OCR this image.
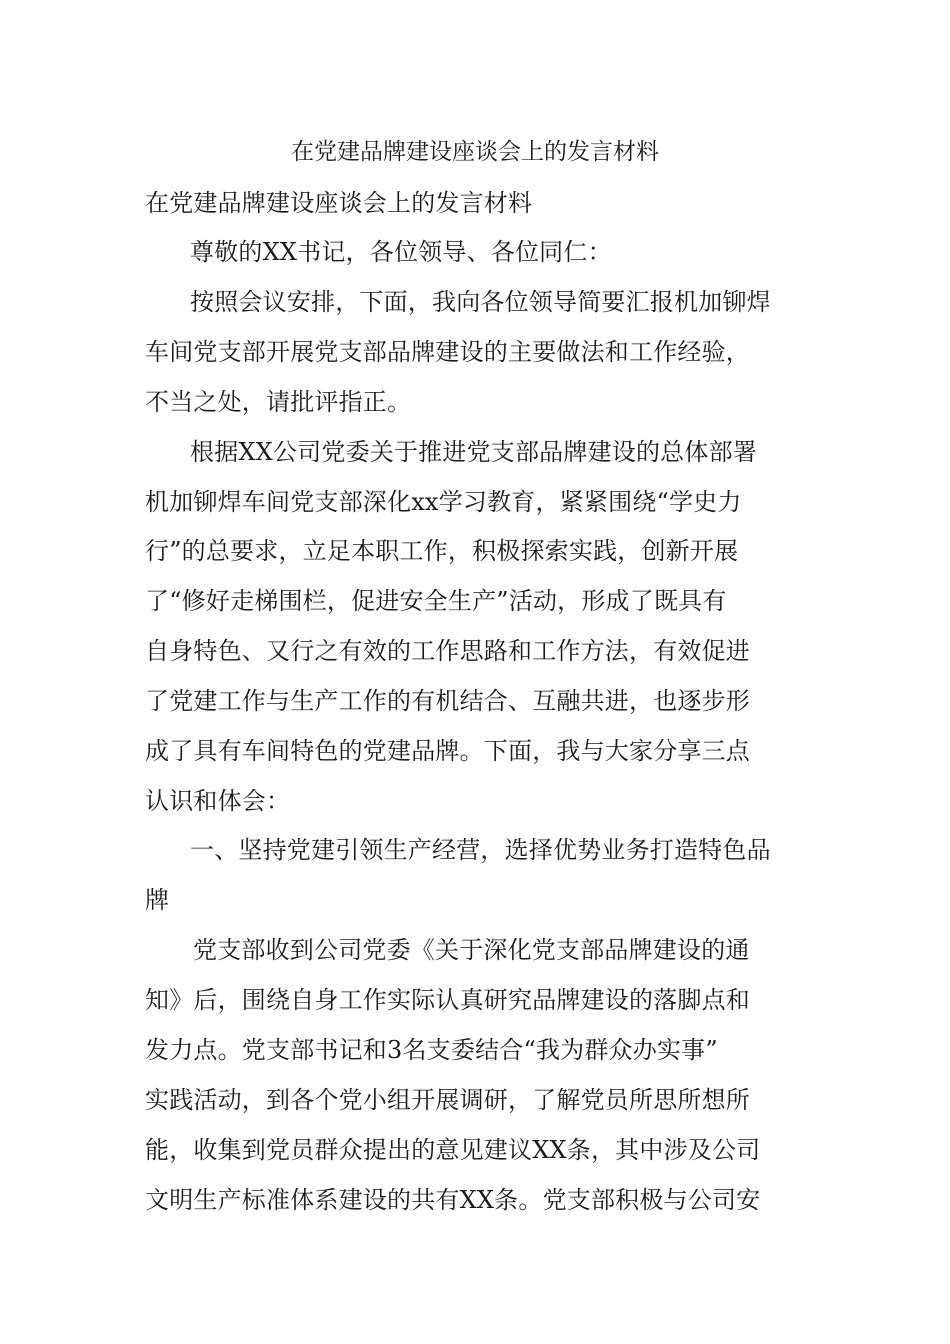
在党建品牌建设座谈会上的发言材料
在党建品牌建设座谈会上的发言材料
尊敬的XX书记，各位领导、各位同仁：
按照会议安排，下面，我向各位领导简要汇报机加铆焊
车间党支部开展党支部品牌建设的主要做法和工作经验，
不当之处，请批评指正。
根据XX公司党委关于推进党支部品牌建设的总体部署
机加铆焊车间党支部深化xx学习教育，紧紧围绕“学史力
行”的总要求，立足本职工作，积极探索实践，创新开展
了“修好走梯围栏，促进安全生产”活动，形成了既具有
自身特色、又行之有效的工作思路和工作方法，有效促进
了党建工作与生产工作的有机结合、互融共进，也逐步形
成了具有车间特色的党建品牌。下面，我与大家分享三点
认识和体会：
一、坚持党建引领生产经营，选择优势业务打造特色品
牌
党支部收到公司党委《关于深化党支部品牌建设的通
知》后，围绕自身工作实际认真研究品牌建设的落脚点和
发力点。党支部书记和3名支委结合“我为群众办实事”
实践活动，到各个党小组开展调研，了解党员所思所想所
能，收集到党员群众提出的意见建议XX条，其中涉及公司
文明生产标准体系建设的共有XX条。党支部积极与公司安
